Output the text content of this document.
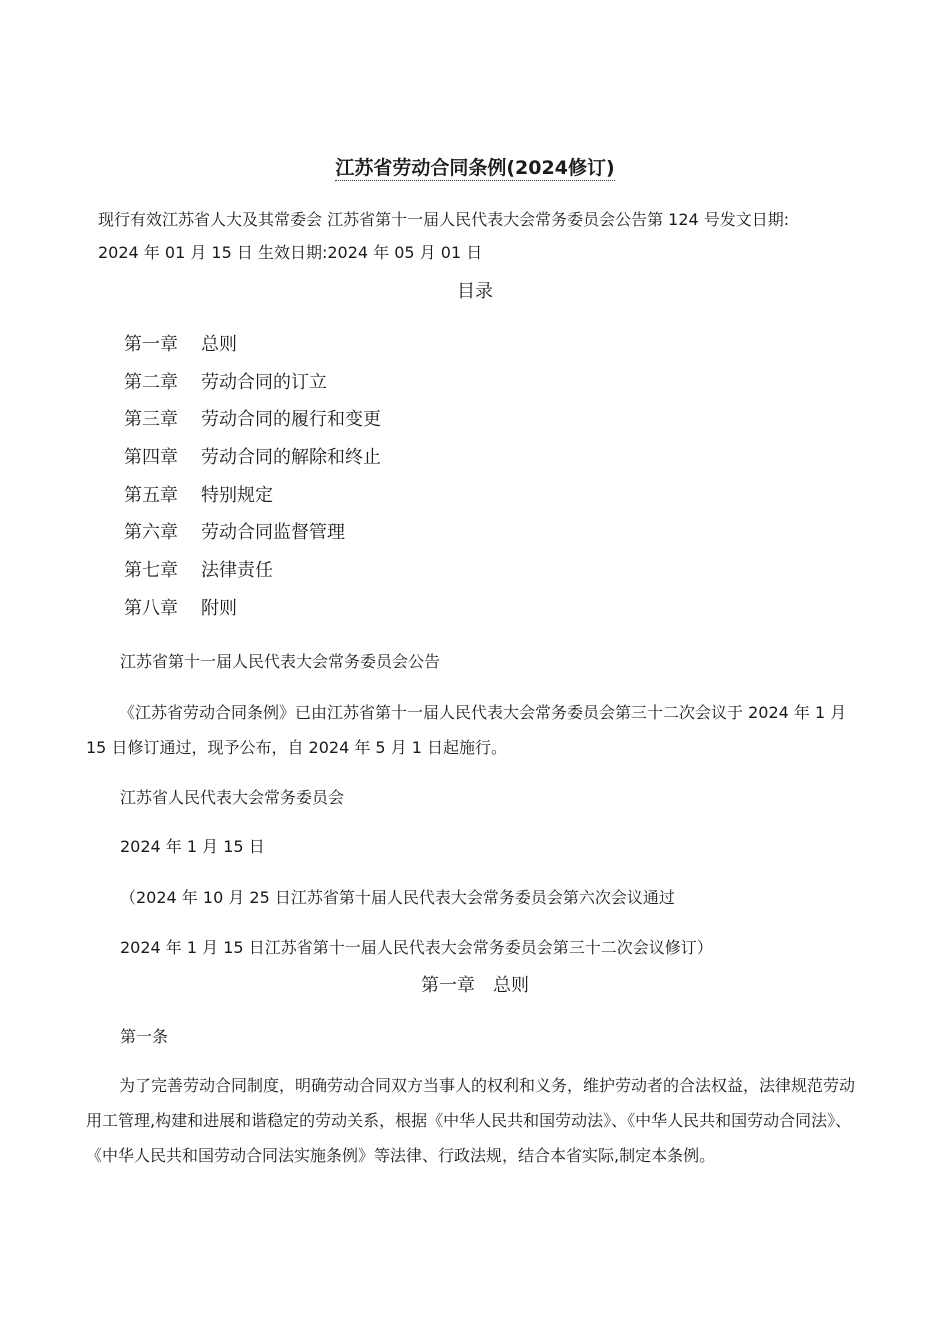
江苏省劳动合同条例(2024修订)
现行有效江苏省人大及其常委会 江苏省第十一届人民代表大会常务委员会公告第 124 号发文日期:
2024 年 01 月 15 日 生效日期:2024 年 05 月 01 日
目录
第一章 总则
第二章 劳动合同的订立
第三章 劳动合同的履行和变更
第四章 劳动合同的解除和终止
第五章 特别规定
第六章 劳动合同监督管理
第七章 法律责任
第八章 附则
江苏省第十一届人民代表大会常务委员会公告

《江苏省劳动合同条例》已由江苏省第十一届人民代表大会常务委员会第三十二次会议于 2024 年 1 月 15 日修订通过，现予公布，自 2024 年 5 月 1 日起施行。

江苏省人民代表大会常务委员会
2024 年 1 月 15 日
（2024 年 10 月 25 日江苏省第十届人民代表大会常务委员会第六次会议通过
2024 年 1 月 15 日江苏省第十一届人民代表大会常务委员会第三十二次会议修订）
第一章　总则
第一条

为了完善劳动合同制度，明确劳动合同双方当事人的权利和义务，维护劳动者的合法权益，法律规范劳动用工管理,构建和进展和谐稳定的劳动关系，根据《中华人民共和国劳动法》、《中华人民共和国劳动合同法》、《中华人民共和国劳动合同法实施条例》等法律、行政法规，结合本省实际,制定本条例。
